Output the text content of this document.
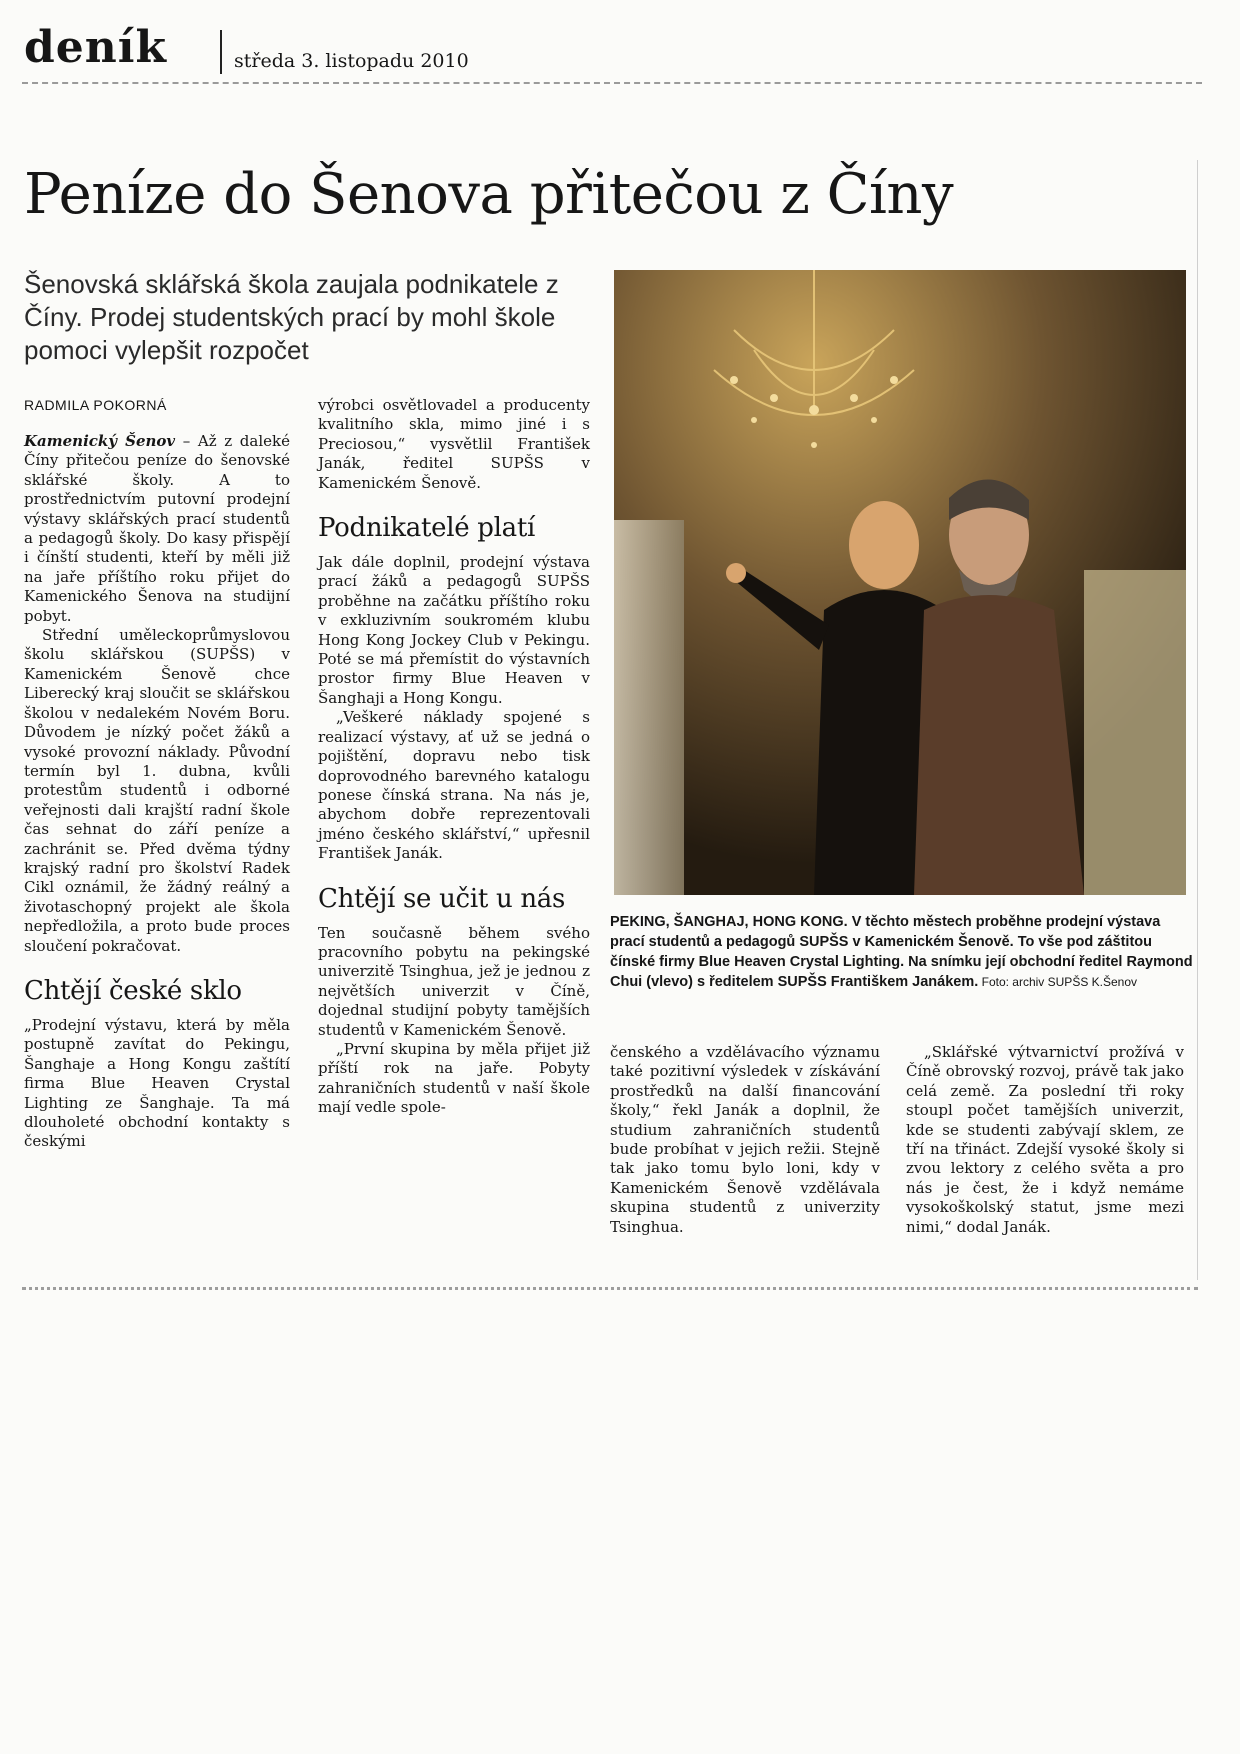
deník	středa 3. listopadu 2010
Peníze do Šenova přitečou z Číny
Šenovská sklářská škola zaujala podnikatele z Číny. Prodej studentských prací by mohl škole pomoci vylepšit rozpočet
RADMILA POKORNÁ

Kamenický Šenov – Až z daleké Číny přitečou peníze do šenovské sklářské školy. A to prostřednictvím putovní prodejní výstavy sklářských prací studentů a pedagogů školy. Do kasy přispějí i čínští studenti, kteří by měli již na jaře příštího roku přijet do Kamenického Šenova na studijní pobyt.

Střední uměleckoprůmyslovou školu sklářskou (SUPŠS) v Kamenickém Šenově chce Liberecký kraj sloučit se sklářskou školou v nedalekém Novém Boru. Důvodem je nízký počet žáků a vysoké provozní náklady. Původní termín byl 1. dubna, kvůli protestům studentů i odborné veřejnosti dali krajští radní škole čas sehnat do září peníze a zachránit se. Před dvěma týdny krajský radní pro školství Radek Cikl oznámil, že žádný reálný a životaschopný projekt ale škola nepředložila, a proto bude proces sloučení pokračovat.

Chtějí české sklo

„Prodejní výstavu, která by měla postupně zavítat do Pekingu, Šanghaje a Hong Kongu zaštítí firma Blue Heaven Crystal Lighting ze Šanghaje. Ta má dlouholeté obchodní kontakty s českými

výrobci osvětlovadel a producenty kvalitního skla, mimo jiné i s Preciosou,“ vysvětlil František Janák, ředitel SUPŠS v Kamenickém Šenově.

Podnikatelé platí

Jak dále doplnil, prodejní výstava prací žáků a pedagogů SUPŠS proběhne na začátku příštího roku v exkluzivním soukromém klubu Hong Kong Jockey Club v Pekingu. Poté se má přemístit do výstavních prostor firmy Blue Heaven v Šanghaji a Hong Kongu.

„Veškeré náklady spojené s realizací výstavy, ať už se jedná o pojištění, dopravu nebo tisk doprovodného barevného katalogu ponese čínská strana. Na nás je, abychom dobře reprezentovali jméno českého sklářství,“ upřesnil František Janák.

Chtějí se učit u nás

Ten současně během svého pracovního pobytu na pekingské univerzitě Tsinghua, jež je jednou z největších univerzit v Číně, dojednal studijní pobyty tamějších studentů v Kamenickém Šenově.

„První skupina by měla přijet již příští rok na jaře. Pobyty zahraničních studentů v naší škole mají vedle spole-

PEKING, ŠANGHAJ, HONG KONG. V těchto městech proběhne prodejní výstava prací studentů a pedagogů SUPŠS v Kamenickém Šenově. To vše pod záštitou čínské firmy Blue Heaven Crystal Lighting. Na snímku její obchodní ředitel Raymond Chui (vlevo) s ředitelem SUPŠS Františkem Janákem. Foto: archiv SUPŠS K.Šenov

čenského a vzdělávacího významu také pozitivní výsledek v získávání prostředků na další financování školy,“ řekl Janák a doplnil, že studium zahraničních studentů bude probíhat v jejich režii. Stejně tak jako tomu bylo loni, kdy v Kamenickém Šenově vzdělávala skupina studentů z univerzity Tsinghua.

„Sklářské výtvarnictví prožívá v Číně obrovský rozvoj, právě tak jako celá země. Za poslední tři roky stoupl počet tamějších univerzit, kde se studenti zabývají sklem, ze tří na třináct. Zdejší vysoké školy si zvou lektory z celého světa a pro nás je čest, že i když nemáme vysokoškolský statut, jsme mezi nimi,“ dodal Janák.
